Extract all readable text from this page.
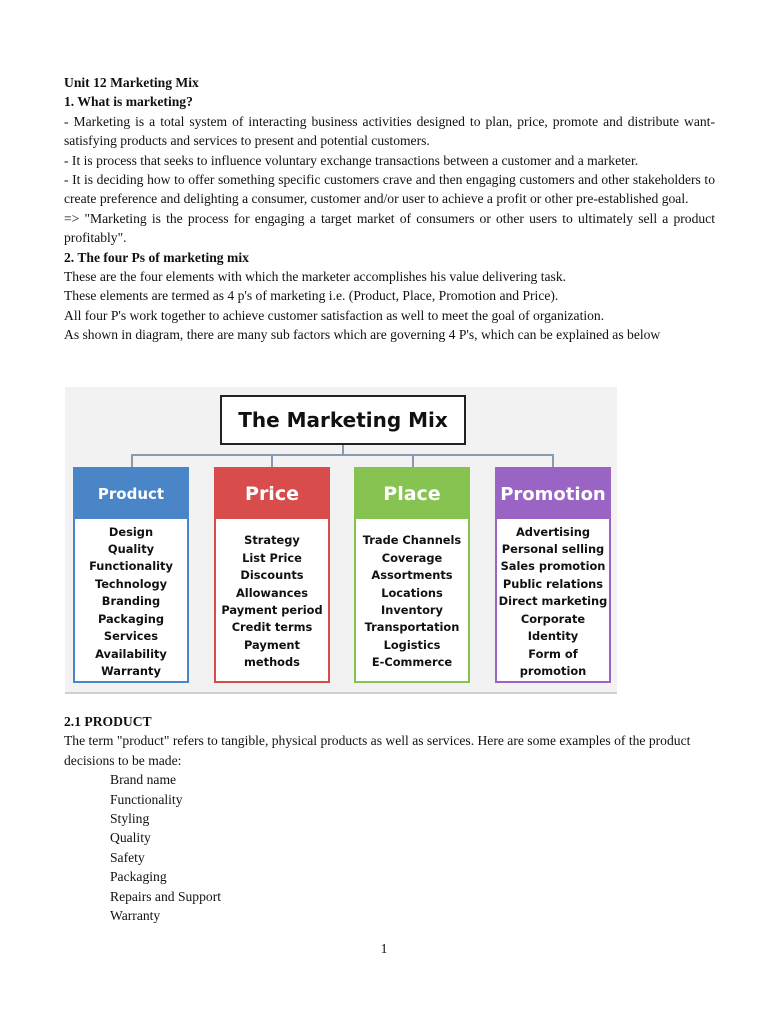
Unit 12 Marketing Mix

1. What is marketing?

- Marketing is a total system of interacting business activities designed to plan, price, promote and distribute want-satisfying products and services to present and potential customers.

- It is process that seeks to influence voluntary exchange transactions between a customer and a marketer.

- It is deciding how to offer something specific customers crave and then engaging customers and other stakeholders to create preference and delighting a consumer, customer and/or user to achieve a profit or other pre-established goal.

=> "Marketing is the process for engaging a target market of consumers or other users to ultimately sell a product profitably".

2. The four Ps of marketing mix

These are the four elements with which the marketer accomplishes his value delivering task.

These elements are termed as 4 p's of marketing i.e. (Product, Place, Promotion and Price).

All four P's work together to achieve customer satisfaction as well to meet the goal of organization.

As shown in diagram, there are many sub factors which are governing 4 P's, which can be explained as below

The Marketing Mix
Product
Design
Quality
Functionality
Technology
Branding
Packaging
Services
Availability
Warranty
Price
Strategy
List Price
Discounts
Allowances
Payment period
Credit terms
Payment methods
Place
Trade Channels
Coverage
Assortments
Locations
Inventory
Transportation
Logistics
E-Commerce
Promotion
Advertising
Personal selling
Sales promotion
Public relations
Direct marketing
Corporate Identity
Form of promotion

2.1 PRODUCT

The term "product" refers to tangible, physical products as well as services. Here are some examples of the product decisions to be made:

Brand name
Functionality
Styling
Quality
Safety
Packaging
Repairs and Support
Warranty
1
